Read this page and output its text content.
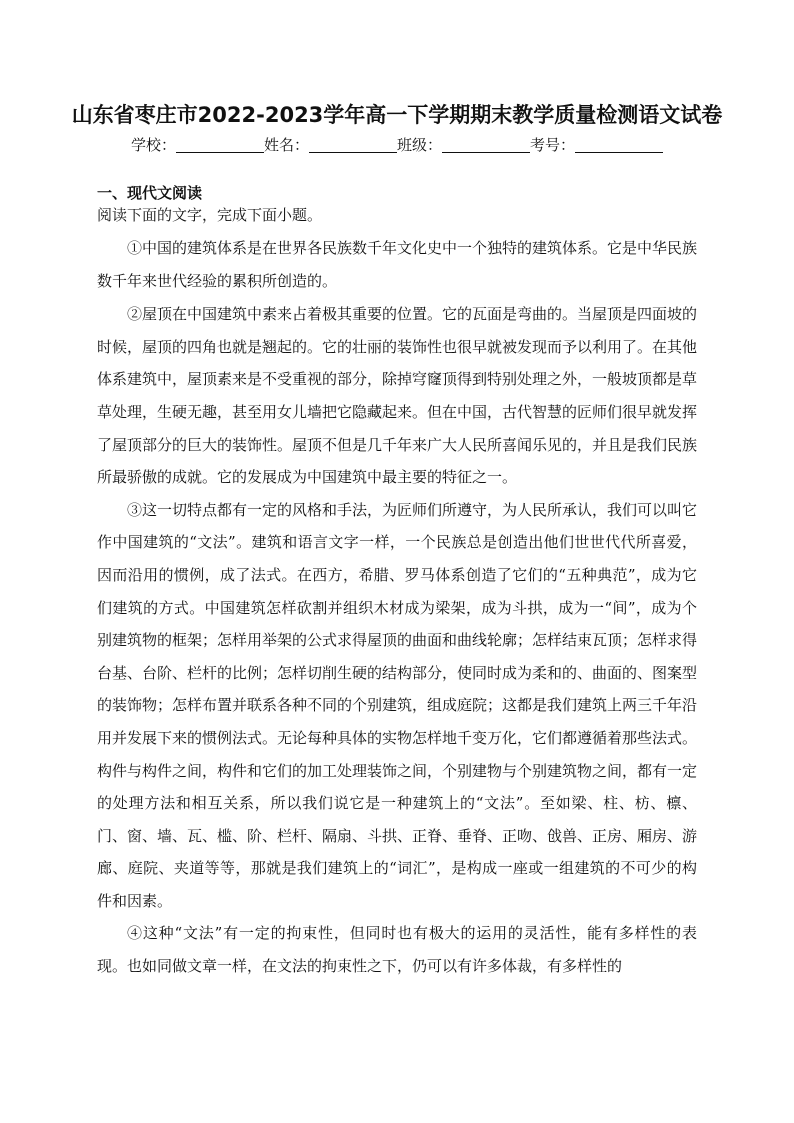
山东省枣庄市2022-2023学年高一下学期期末教学质量检测语文试卷
学校：	姓名：	班级：	考号：
一、现代文阅读
阅读下面的文字，完成下面小题。

①中国的建筑体系是在世界各民族数千年文化史中一个独特的建筑体系。它是中华民族数千年来世代经验的累积所创造的。

②屋顶在中国建筑中素来占着极其重要的位置。它的瓦面是弯曲的。当屋顶是四面坡的时候，屋顶的四角也就是翘起的。它的壮丽的装饰性也很早就被发现而予以利用了。在其他体系建筑中，屋顶素来是不受重视的部分，除掉穹窿顶得到特别处理之外，一般坡顶都是草草处理，生硬无趣，甚至用女儿墙把它隐藏起来。但在中国，古代智慧的匠师们很早就发挥了屋顶部分的巨大的装饰性。屋顶不但是几千年来广大人民所喜闻乐见的，并且是我们民族所最骄傲的成就。它的发展成为中国建筑中最主要的特征之一。

③这一切特点都有一定的风格和手法，为匠师们所遵守，为人民所承认，我们可以叫它作中国建筑的“文法”。建筑和语言文字一样，一个民族总是创造出他们世世代代所喜爱，因而沿用的惯例，成了法式。在西方，希腊、罗马体系创造了它们的“五种典范”，成为它们建筑的方式。中国建筑怎样砍割并组织木材成为梁架，成为斗拱，成为一“间”，成为个别建筑物的框架；怎样用举架的公式求得屋顶的曲面和曲线轮廓；怎样结束瓦顶；怎样求得台基、台阶、栏杆的比例；怎样切削生硬的结构部分，使同时成为柔和的、曲面的、图案型的装饰物；怎样布置并联系各种不同的个别建筑，组成庭院；这都是我们建筑上两三千年沿用并发展下来的惯例法式。无论每种具体的实物怎样地千变万化，它们都遵循着那些法式。构件与构件之间，构件和它们的加工处理装饰之间，个别建物与个别建筑物之间，都有一定的处理方法和相互关系，所以我们说它是一种建筑上的“文法”。至如梁、柱、枋、檩、门、窗、墙、瓦、槛、阶、栏杆、隔扇、斗拱、正脊、垂脊、正吻、戗兽、正房、厢房、游廊、庭院、夹道等等，那就是我们建筑上的“词汇”，是构成一座或一组建筑的不可少的构件和因素。

④这种“文法”有一定的拘束性，但同时也有极大的运用的灵活性，能有多样性的表现。也如同做文章一样，在文法的拘束性之下，仍可以有许多体裁，有多样性的
